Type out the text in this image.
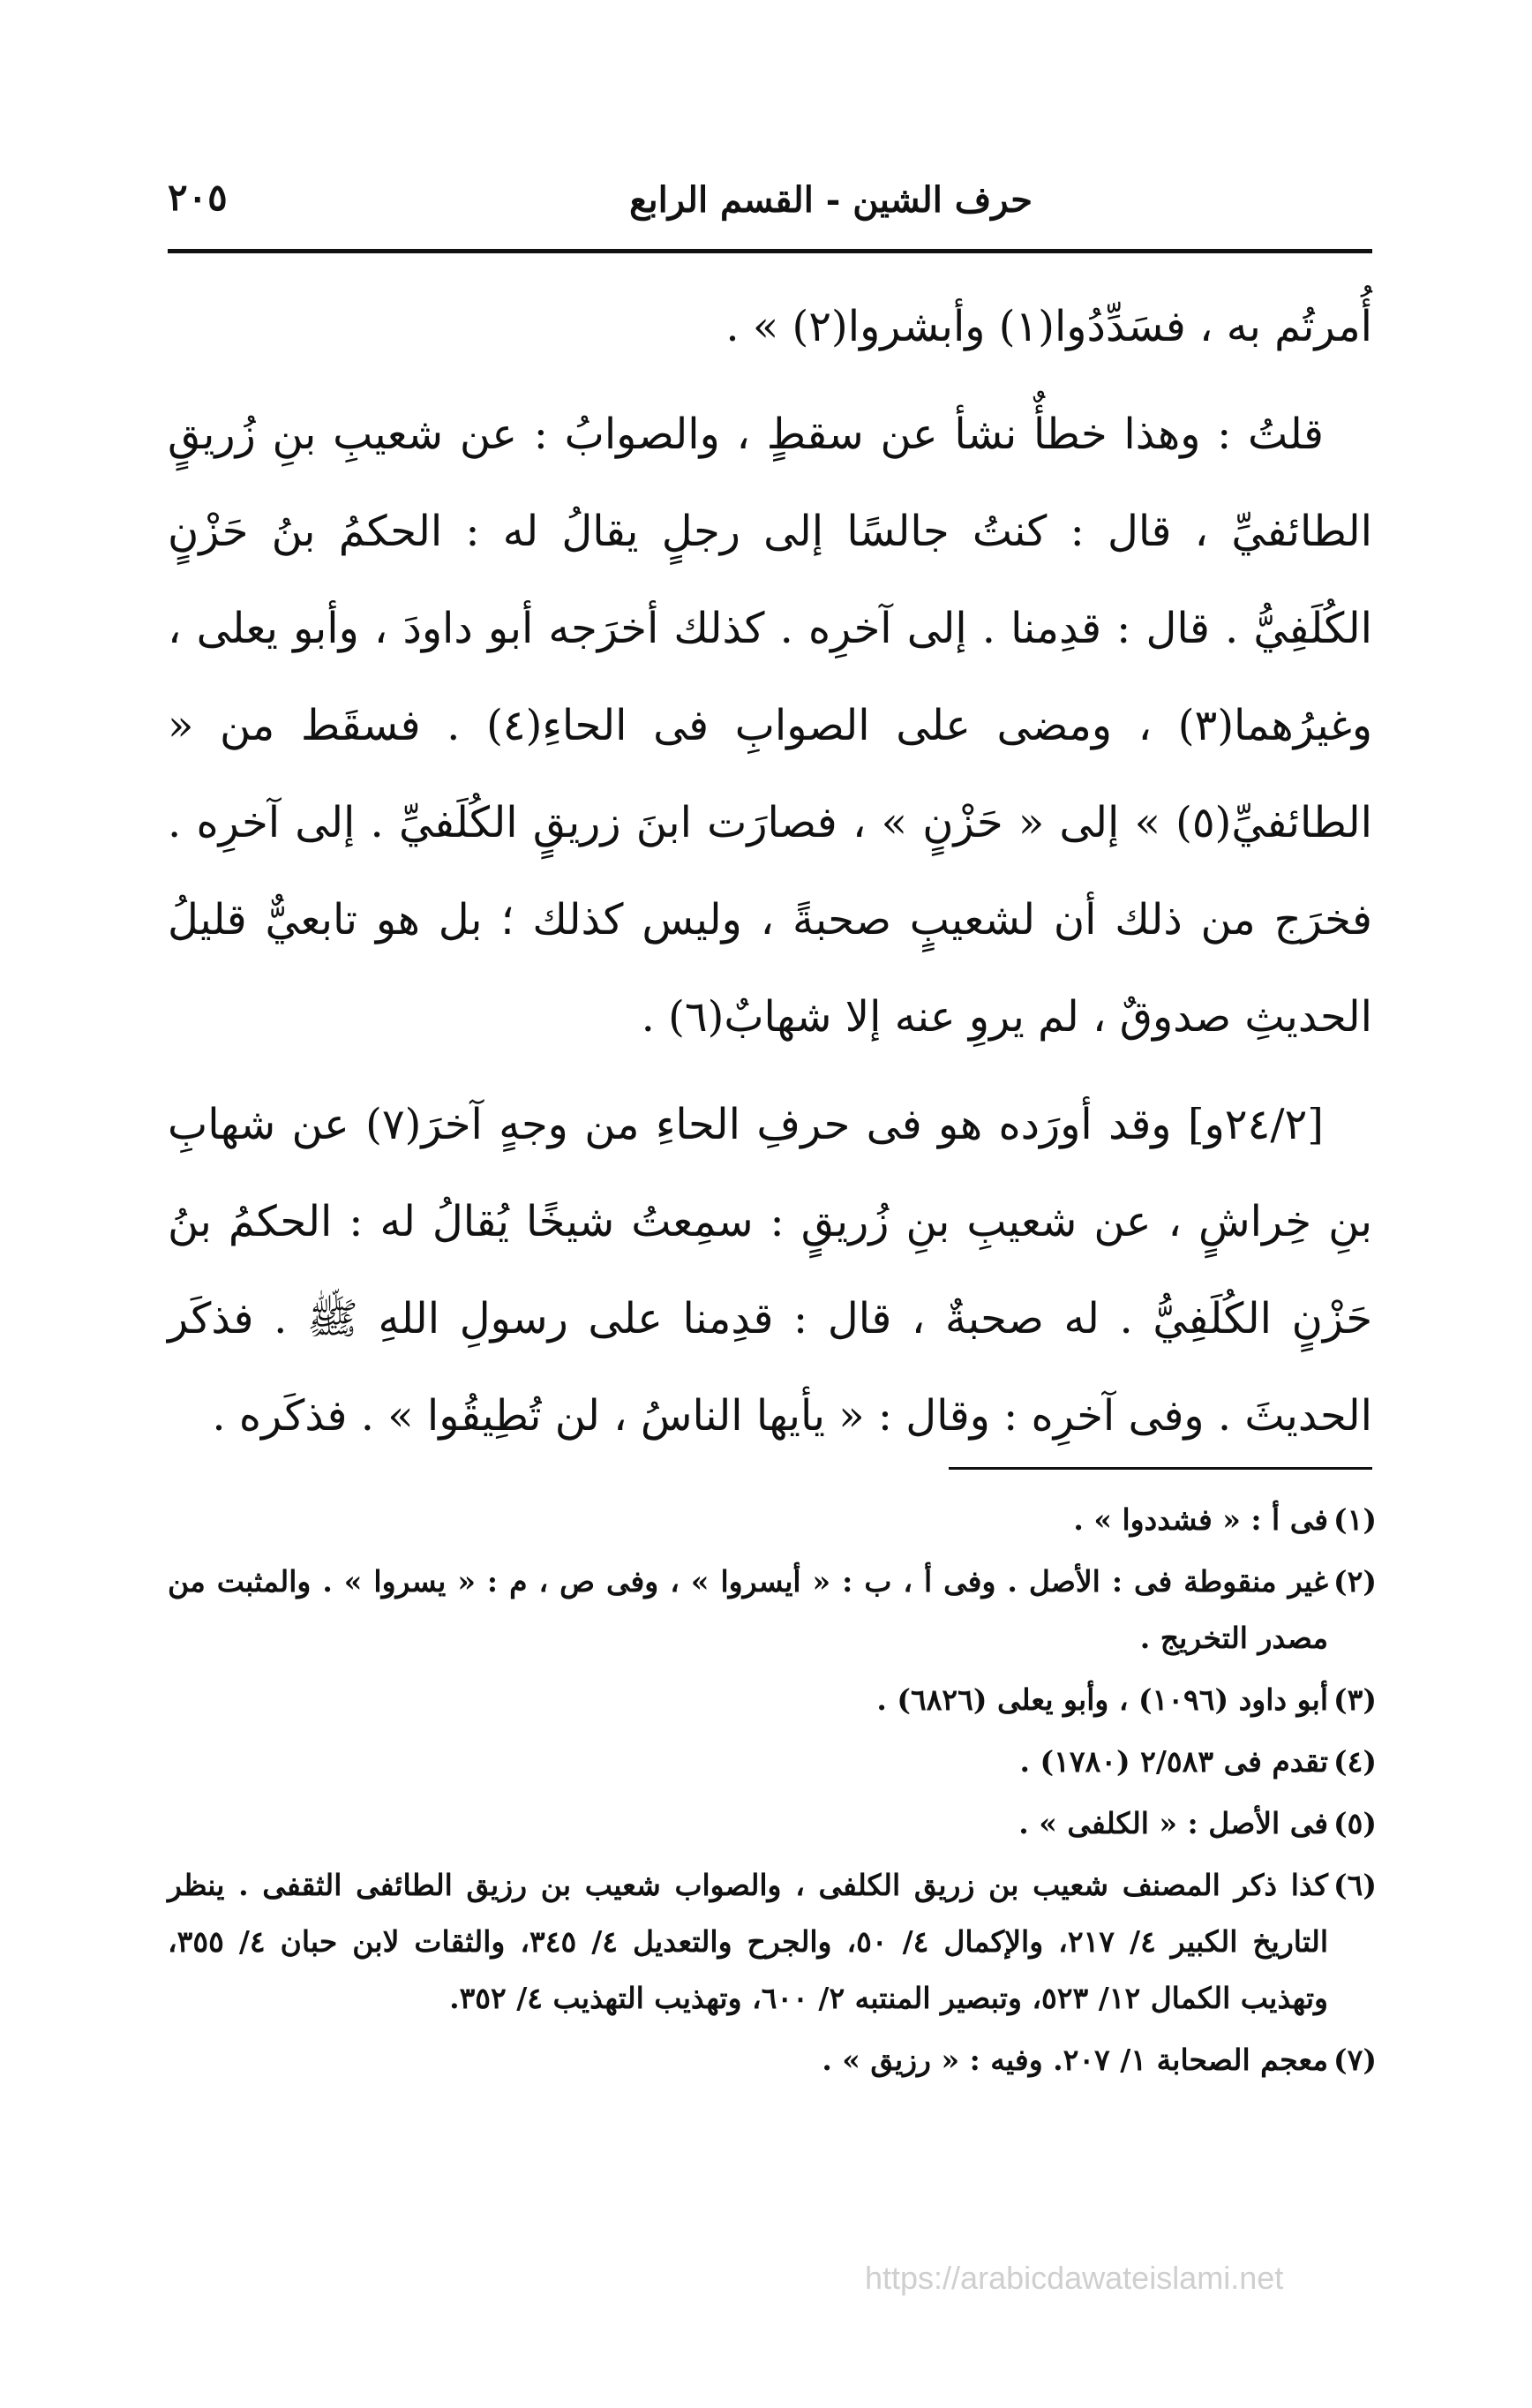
حرف الشين - القسم الرابع
٢٠٥

أُمرتُم به ، فسَدِّدُوا(١) وأبشروا(٢) » .

قلتُ : وهذا خطأٌ نشأ عن سقطٍ ، والصوابُ : عن شعيبِ بنِ زُريقٍ الطائفيِّ ، قال : كنتُ جالسًا إلى رجلٍ يقالُ له : الحكمُ بنُ حَزْنٍ الكُلَفِيُّ . قال : قدِمنا . إلى آخرِه . كذلك أخرَجه أبو داودَ ، وأبو يعلى ، وغيرُهما(٣) ، ومضى على الصوابِ فى الحاءِ(٤) . فسقَط من « الطائفيِّ(٥) » إلى « حَزْنٍ » ، فصارَت ابنَ زريقٍ الكُلَفيِّ . إلى آخرِه . فخرَج من ذلك أن لشعيبٍ صحبةً ، وليس كذلك ؛ بل هو تابعيٌّ قليلُ الحديثِ صدوقٌ ، لم يروِ عنه إلا شهابٌ(٦) .

[٢٤/٢و] وقد أورَده هو فى حرفِ الحاءِ من وجهٍ آخرَ(٧) عن شهابِ بنِ خِراشٍ ، عن شعيبِ بنِ زُريقٍ : سمِعتُ شيخًا يُقالُ له : الحكمُ بنُ حَزْنٍ الكُلَفِيُّ . له صحبةٌ ، قال : قدِمنا على رسولِ اللهِ ﷺ . فذكَر الحديثَ . وفى آخرِه : وقال : « يأيها الناسُ ، لن تُطِيقُوا » . فذكَره .

(١)
فى أ : « فشددوا » .
(٢)
غير منقوطة فى : الأصل . وفى أ ، ب : « أيسروا » ، وفى ص ، م : « يسروا » . والمثبت من مصدر التخريج .
(٣)
أبو داود (١٠٩٦) ، وأبو يعلى (٦٨٢٦) .
(٤)
تقدم فى ٢/٥٨٣ (١٧٨٠) .
(٥)
فى الأصل : « الكلفى » .
(٦)
كذا ذكر المصنف شعيب بن زريق الكلفى ، والصواب شعيب بن رزيق الطائفى الثقفى . ينظر التاريخ الكبير ٤/ ٢١٧، والإكمال ٤/ ٥٠، والجرح والتعديل ٤/ ٣٤٥، والثقات لابن حبان ٤/ ٣٥٥، وتهذيب الكمال ١٢/ ٥٢٣، وتبصير المنتبه ٢/ ٦٠٠، وتهذيب التهذيب ٤/ ٣٥٢.
(٧)
معجم الصحابة ١/ ٢٠٧. وفيه : « رزيق » .
https://arabicdawateislami.net
